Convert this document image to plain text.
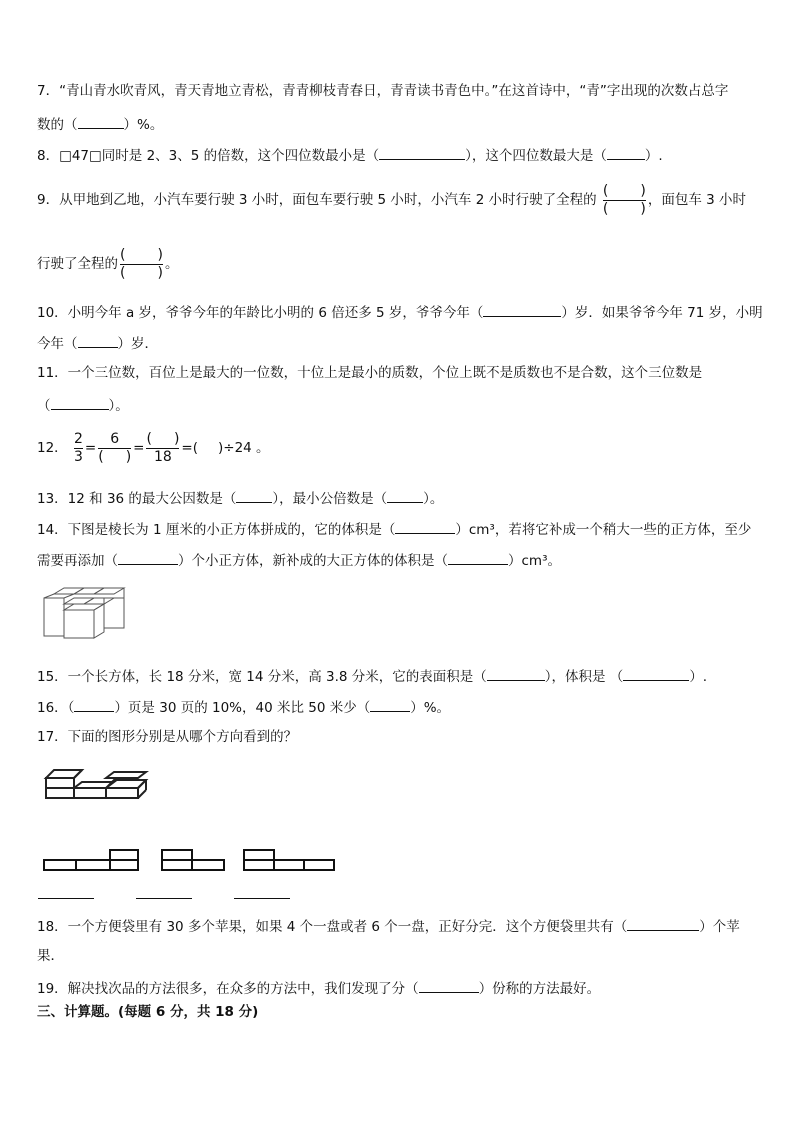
7．“青山青水吹青风，青天青地立青松，青青柳枝青春日，青青读书青色中。”在这首诗中，“青”字出现的次数占总字
数的（	）%。
8．□47□同时是 2、3、5 的倍数，这个四位数最小是（	），这个四位数最大是（	）.
9．从甲地到乙地，小汽车要行驶 3 小时，面包车要行驶 5 小时，小汽车 2 小时行驶了全程的 $\frac{( )}{( )}$ ，面包车 3 小时
行驶了全程的 $\frac{( )}{( )}$ 。
10．小明今年 a 岁，爷爷今年的年龄比小明的 6 倍还多 5 岁，爷爷今年（	）岁．如果爷爷今年 71 岁，小明
今年（	）岁．
11．一个三位数，百位上是最大的一位数，十位上是最小的质数，个位上既不是质数也不是合数，这个三位数是
（	）。
12． $\frac{2}{3} = \frac{6}{( )} = \frac{( )}{18}$ =( )÷24 。
13．12 和 36 的最大公因数是（	），最小公倍数是（	）。
14．下图是棱长为 1 厘米的小正方体拼成的，它的体积是（	）cm³，若将它补成一个稍大一些的正方体，至少
需要再添加（	）个小正方体，新补成的大正方体的体积是（	）cm³。
15．一个长方体，长 18 分米，宽 14 分米，高 3.8 分米，它的表面积是（	），体积是 （	）.
16．（	）页是 30 页的 10%，40 米比 50 米少（	）%。
17．下面的图形分别是从哪个方向看到的？
18．一个方便袋里有 30 多个苹果，如果 4 个一盘或者 6 个一盘，正好分完．这个方便袋里共有（	）个苹
果．
19．解决找次品的方法很多，在众多的方法中，我们发现了分（	）份称的方法最好。
三、计算题。(每题 6 分，共 18 分)
